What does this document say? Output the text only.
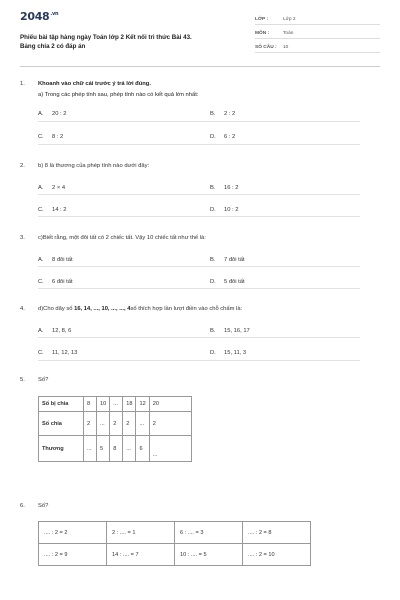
$2048^{.vn}$
Phiếu bài tập hàng ngày Toán lớp 2 Kết nối tri thức Bài 43.
Bảng chia 2 có đáp án
LỚP :	Lớp 2
MÔN :	Toán
SỐ CÂU : 10
1. Khoanh vào chữ cái trước ý trả lời đúng.
a) Trong các phép tính sau, phép tính nào có kết quả lớn nhất:
A. 20 : 2	B. 2 : 2
C. 8 : 2	D. 6 : 2
2. b) 8 là thương của phép tính nào dưới đây:
A. 2 × 4	B. 16 : 2
C. 14 : 2	D. 10 : 2
3. c)Biết rằng, một đôi tất có 2 chiếc tất. Vậy 10 chiếc tất như thế là:
A. 8 đôi tất	B. 7 đôi tất
C. 6 đôi tất	D. 5 đôi tất
4. d)Cho dãy số 16, 14, ..., 10, ..., ..., 4số thích hợp lần lượt điền vào chỗ chấm là:
A. 12, 8, 6	B. 15, 16, 17
C. 11, 12, 13	D. 15, 11, 3
5. Số?
Số bị chia	8	10	...	18	12	20
Số chia	2	...	2	2	...	2
Thương	...	5	8	...	6	...
6. Số?
.... : 2 = 2	2 : .... = 1	6 : .... = 3	.... : 2 = 8
.... : 2 = 9	14 : .... = 7	10 : .... = 5	.... : 2 = 10
